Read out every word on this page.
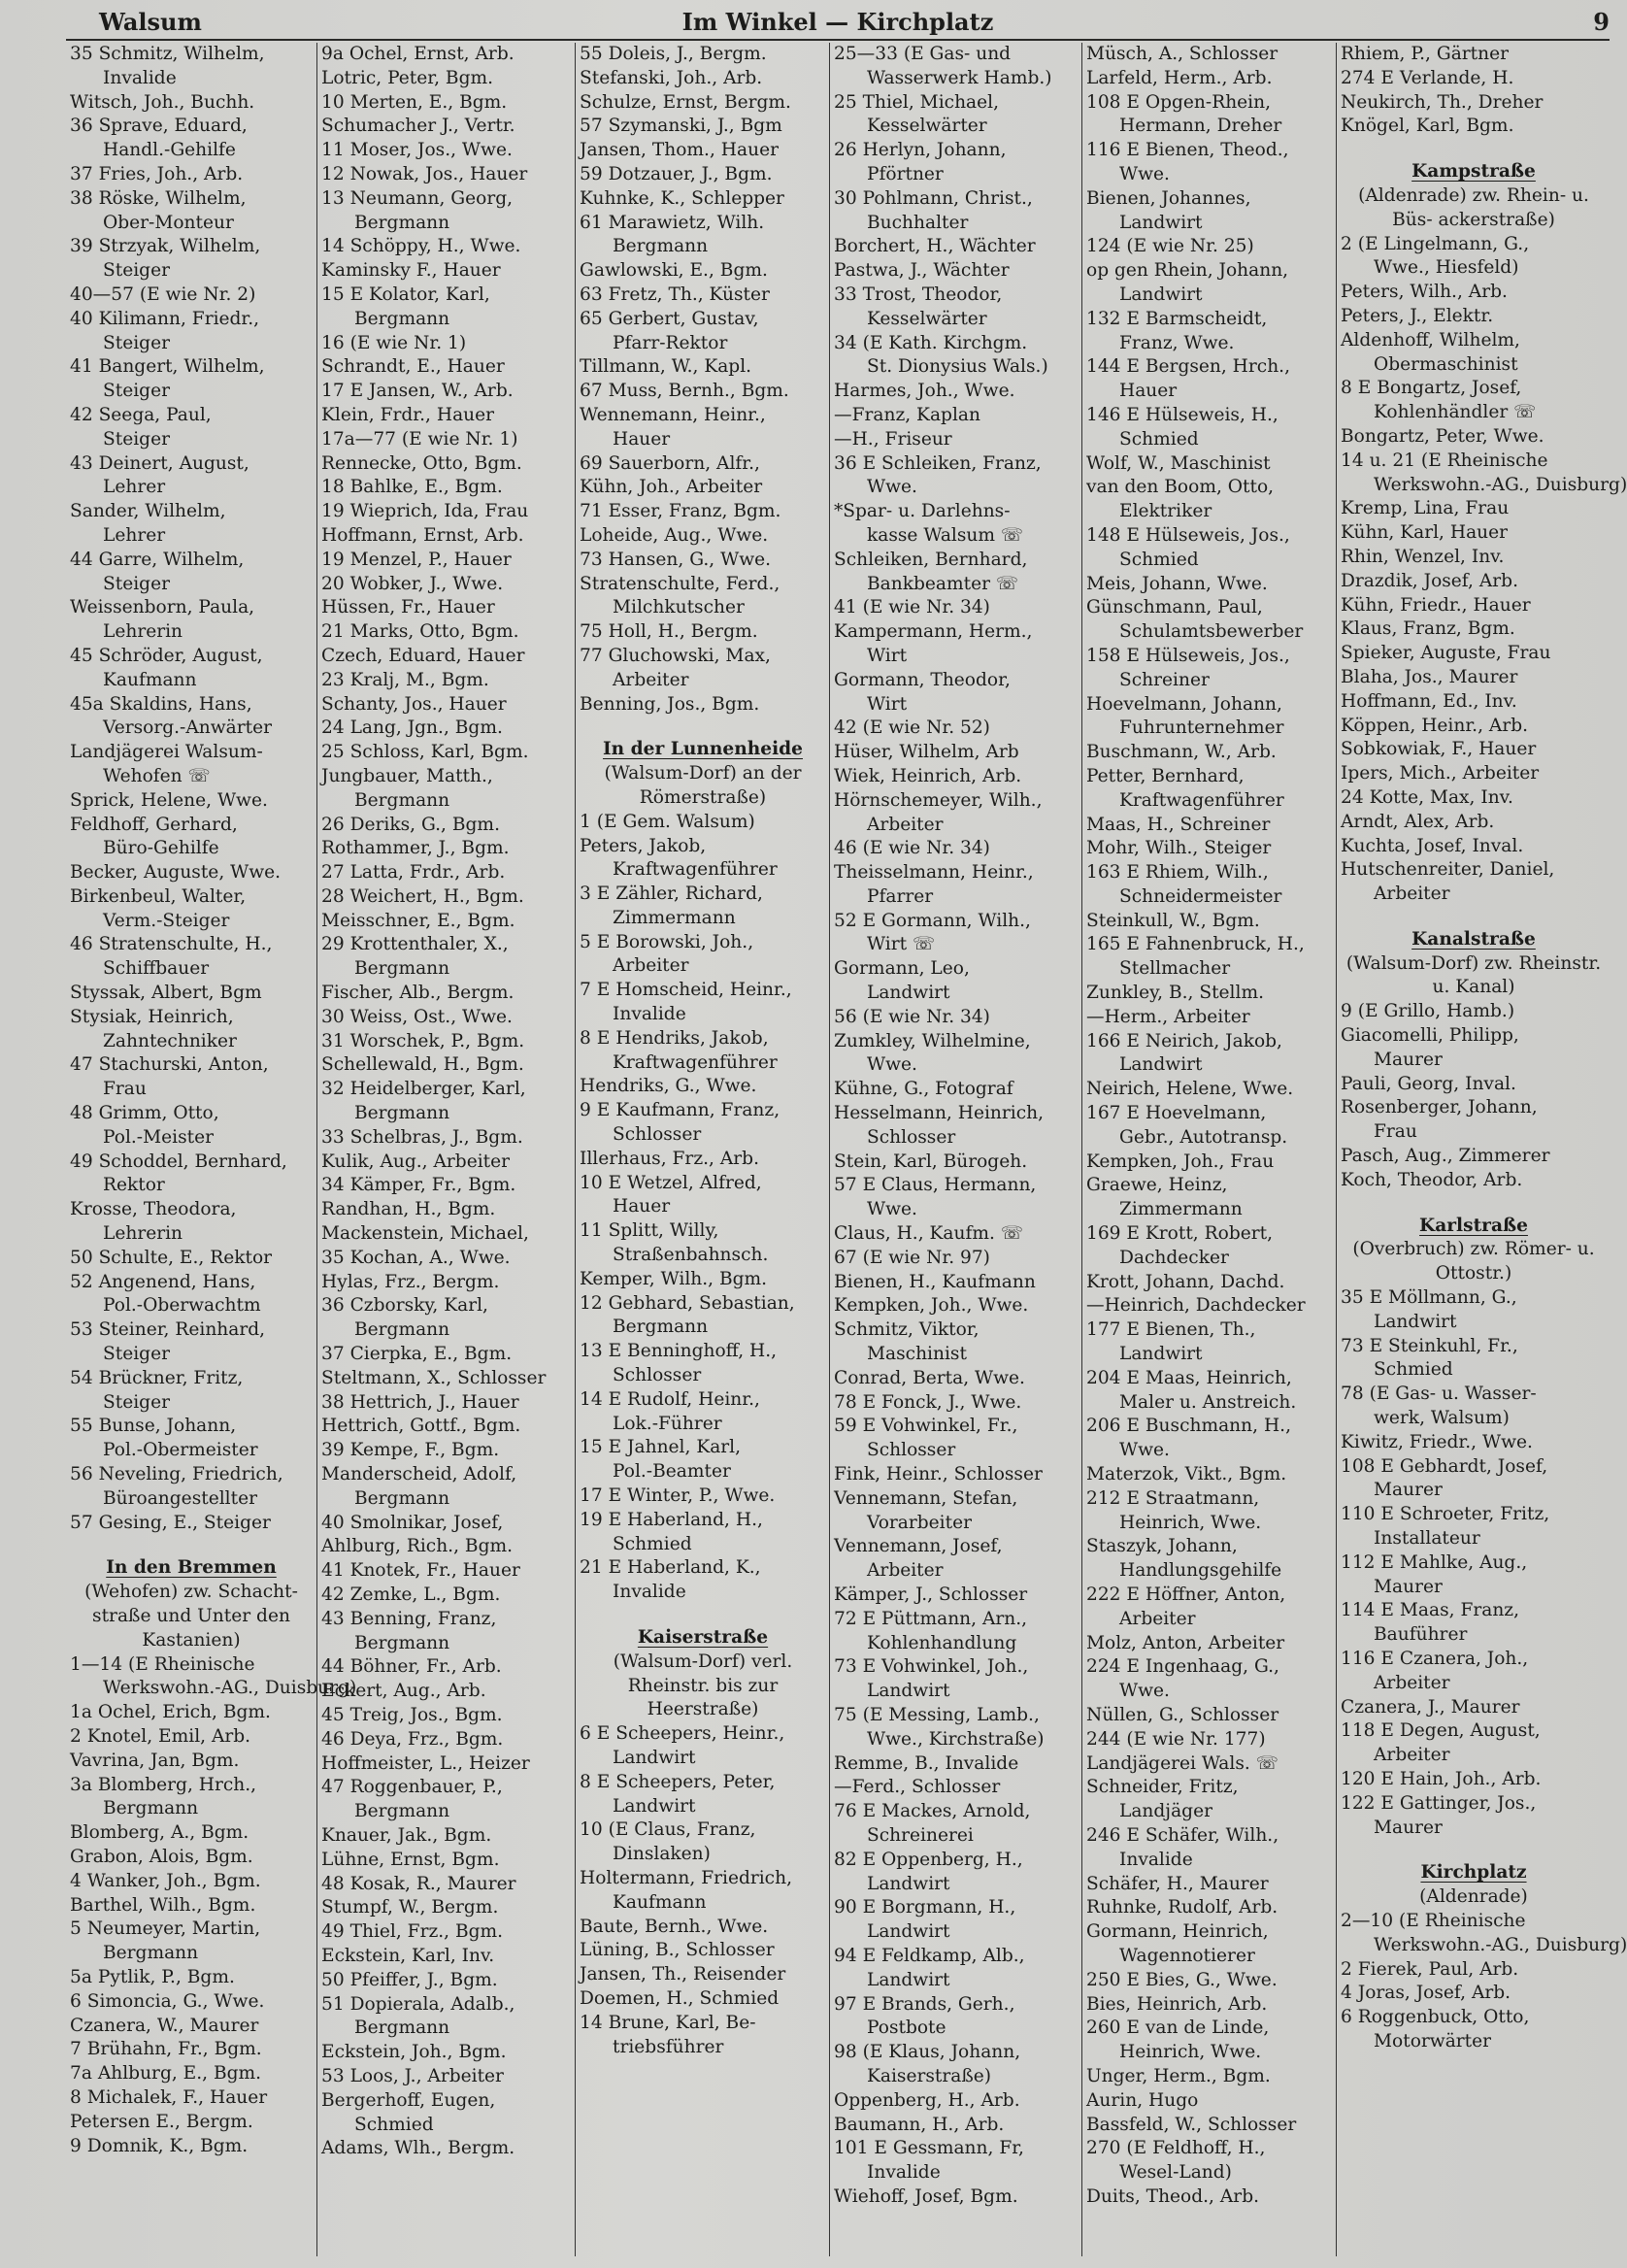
Walsum	Im Winkel — Kirchplatz	9
35 Schmitz, Wilhelm,
Invalide
Witsch, Joh., Buchh.
36 Sprave, Eduard,
Handl.-Gehilfe
37 Fries, Joh., Arb.
38 Röske, Wilhelm,
Ober-Monteur
39 Strzyak, Wilhelm,
Steiger
40—57 (E wie Nr. 2)
40 Kilimann, Friedr.,
Steiger
41 Bangert, Wilhelm,
Steiger
42 Seega, Paul,
Steiger
43 Deinert, August,
Lehrer
Sander, Wilhelm,
Lehrer
44 Garre, Wilhelm,
Steiger
Weissenborn, Paula,
Lehrerin
45 Schröder, August,
Kaufmann
45a Skaldins, Hans,
Versorg.-Anwärter
Landjägerei Walsum-
Wehofen ☏
Sprick, Helene, Wwe.
Feldhoff, Gerhard,
Büro-Gehilfe
Becker, Auguste, Wwe.
Birkenbeul, Walter,
Verm.-Steiger
46 Stratenschulte, H.,
Schiffbauer
Styssak, Albert, Bgm
Stysiak, Heinrich,
Zahntechniker
47 Stachurski, Anton,
Frau
48 Grimm, Otto,
Pol.-Meister
49 Schoddel, Bernhard,
Rektor
Krosse, Theodora,
Lehrerin
50 Schulte, E., Rektor
52 Angenend, Hans,
Pol.-Oberwachtm
53 Steiner, Reinhard,
Steiger
54 Brückner, Fritz,
Steiger
55 Bunse, Johann,
Pol.-Obermeister
56 Neveling, Friedrich,
Büroangestellter
57 Gesing, E., Steiger
In den Bremmen
(Wehofen) zw. Schacht- straße und Unter den Kastanien)
1—14 (E Rheinische
Werkswohn.-AG., Duisburg)
1a Ochel, Erich, Bgm.
2 Knotel, Emil, Arb.
Vavrina, Jan, Bgm.
3a Blomberg, Hrch.,
Bergmann
Blomberg, A., Bgm.
Grabon, Alois, Bgm.
4 Wanker, Joh., Bgm.
Barthel, Wilh., Bgm.
5 Neumeyer, Martin,
Bergmann
5a Pytlik, P., Bgm.
6 Simoncia, G., Wwe.
Czanera, W., Maurer
7 Brühahn, Fr., Bgm.
7a Ahlburg, E., Bgm.
8 Michalek, F., Hauer
Petersen E., Bergm.
9 Domnik, K., Bgm.
9a Ochel, Ernst, Arb.
Lotric, Peter, Bgm.
10 Merten, E., Bgm.
Schumacher J., Vertr.
11 Moser, Jos., Wwe.
12 Nowak, Jos., Hauer
13 Neumann, Georg,
Bergmann
14 Schöppy, H., Wwe.
Kaminsky F., Hauer
15 E Kolator, Karl,
Bergmann
16 (E wie Nr. 1)
Schrandt, E., Hauer
17 E Jansen, W., Arb.
Klein, Frdr., Hauer
17a—77 (E wie Nr. 1)
Rennecke, Otto, Bgm.
18 Bahlke, E., Bgm.
19 Wieprich, Ida, Frau
Hoffmann, Ernst, Arb.
19 Menzel, P., Hauer
20 Wobker, J., Wwe.
Hüssen, Fr., Hauer
21 Marks, Otto, Bgm.
Czech, Eduard, Hauer
23 Kralj, M., Bgm.
Schanty, Jos., Hauer
24 Lang, Jgn., Bgm.
25 Schloss, Karl, Bgm.
Jungbauer, Matth.,
Bergmann
26 Deriks, G., Bgm.
Rothammer, J., Bgm.
27 Latta, Frdr., Arb.
28 Weichert, H., Bgm.
Meisschner, E., Bgm.
29 Krottenthaler, X.,
Bergmann
Fischer, Alb., Bergm.
30 Weiss, Ost., Wwe.
31 Worschek, P., Bgm.
Schellewald, H., Bgm.
32 Heidelberger, Karl,
Bergmann
33 Schelbras, J., Bgm.
Kulik, Aug., Arbeiter
34 Kämper, Fr., Bgm.
Randhan, H., Bgm.
Mackenstein, Michael,
35 Kochan, A., Wwe.
Hylas, Frz., Bergm.
36 Czborsky, Karl,
Bergmann
37 Cierpka, E., Bgm.
Steltmann, X., Schlosser
38 Hettrich, J., Hauer
Hettrich, Gottf., Bgm.
39 Kempe, F., Bgm.
Manderscheid, Adolf,
Bergmann
40 Smolnikar, Josef,
Ahlburg, Rich., Bgm.
41 Knotek, Fr., Hauer
42 Zemke, L., Bgm.
43 Benning, Franz,
Bergmann
44 Böhner, Fr., Arb.
Eckert, Aug., Arb.
45 Treig, Jos., Bgm.
46 Deya, Frz., Bgm.
Hoffmeister, L., Heizer
47 Roggenbauer, P.,
Bergmann
Knauer, Jak., Bgm.
Lühne, Ernst, Bgm.
48 Kosak, R., Maurer
Stumpf, W., Bergm.
49 Thiel, Frz., Bgm.
Eckstein, Karl, Inv.
50 Pfeiffer, J., Bgm.
51 Dopierala, Adalb.,
Bergmann
Eckstein, Joh., Bgm.
53 Loos, J., Arbeiter
Bergerhoff, Eugen,
Schmied
Adams, Wlh., Bergm.
55 Doleis, J., Bergm.
Stefanski, Joh., Arb.
Schulze, Ernst, Bergm.
57 Szymanski, J., Bgm
Jansen, Thom., Hauer
59 Dotzauer, J., Bgm.
Kuhnke, K., Schlepper
61 Marawietz, Wilh.
Bergmann
Gawlowski, E., Bgm.
63 Fretz, Th., Küster
65 Gerbert, Gustav,
Pfarr-Rektor
Tillmann, W., Kapl.
67 Muss, Bernh., Bgm.
Wennemann, Heinr.,
Hauer
69 Sauerborn, Alfr.,
Kühn, Joh., Arbeiter
71 Esser, Franz, Bgm.
Loheide, Aug., Wwe.
73 Hansen, G., Wwe.
Stratenschulte, Ferd.,
Milchkutscher
75 Holl, H., Bergm.
77 Gluchowski, Max,
Arbeiter
Benning, Jos., Bgm.
In der Lunnenheide
(Walsum-Dorf) an der Römerstraße)
1 (E Gem. Walsum)
Peters, Jakob,
Kraftwagenführer
3 E Zähler, Richard,
Zimmermann
5 E Borowski, Joh.,
Arbeiter
7 E Homscheid, Heinr.,
Invalide
8 E Hendriks, Jakob,
Kraftwagenführer
Hendriks, G., Wwe.
9 E Kaufmann, Franz,
Schlosser
Illerhaus, Frz., Arb.
10 E Wetzel, Alfred,
Hauer
11 Splitt, Willy,
Straßenbahnsch.
Kemper, Wilh., Bgm.
12 Gebhard, Sebastian,
Bergmann
13 E Benninghoff, H.,
Schlosser
14 E Rudolf, Heinr.,
Lok.-Führer
15 E Jahnel, Karl,
Pol.-Beamter
17 E Winter, P., Wwe.
19 E Haberland, H.,
Schmied
21 E Haberland, K.,
Invalide
Kaiserstraße
(Walsum-Dorf) verl. Rheinstr. bis zur Heerstraße)
6 E Scheepers, Heinr.,
Landwirt
8 E Scheepers, Peter,
Landwirt
10 (E Claus, Franz,
Dinslaken)
Holtermann, Friedrich,
Kaufmann
Baute, Bernh., Wwe.
Lüning, B., Schlosser
Jansen, Th., Reisender
Doemen, H., Schmied
14 Brune, Karl, Be-
triebsführer
25—33 (E Gas- und
Wasserwerk Hamb.)
25 Thiel, Michael,
Kesselwärter
26 Herlyn, Johann,
Pförtner
30 Pohlmann, Christ.,
Buchhalter
Borchert, H., Wächter
Pastwa, J., Wächter
33 Trost, Theodor,
Kesselwärter
34 (E Kath. Kirchgm.
St. Dionysius Wals.)
Harmes, Joh., Wwe.
—Franz, Kaplan
—H., Friseur
36 E Schleiken, Franz,
Wwe.
*Spar- u. Darlehns-
kasse Walsum ☏
Schleiken, Bernhard,
Bankbeamter ☏
41 (E wie Nr. 34)
Kampermann, Herm.,
Wirt
Gormann, Theodor,
Wirt
42 (E wie Nr. 52)
Hüser, Wilhelm, Arb
Wiek, Heinrich, Arb.
Hörnschemeyer, Wilh.,
Arbeiter
46 (E wie Nr. 34)
Theisselmann, Heinr.,
Pfarrer
52 E Gormann, Wilh.,
Wirt ☏
Gormann, Leo,
Landwirt
56 (E wie Nr. 34)
Zumkley, Wilhelmine,
Wwe.
Kühne, G., Fotograf
Hesselmann, Heinrich,
Schlosser
Stein, Karl, Bürogeh.
57 E Claus, Hermann,
Wwe.
Claus, H., Kaufm. ☏
67 (E wie Nr. 97)
Bienen, H., Kaufmann
Kempken, Joh., Wwe.
Schmitz, Viktor,
Maschinist
Conrad, Berta, Wwe.
78 E Fonck, J., Wwe.
59 E Vohwinkel, Fr.,
Schlosser
Fink, Heinr., Schlosser
Vennemann, Stefan,
Vorarbeiter
Vennemann, Josef,
Arbeiter
Kämper, J., Schlosser
72 E Püttmann, Arn.,
Kohlenhandlung
73 E Vohwinkel, Joh.,
Landwirt
75 (E Messing, Lamb.,
Wwe., Kirchstraße)
Remme, B., Invalide
—Ferd., Schlosser
76 E Mackes, Arnold,
Schreinerei
82 E Oppenberg, H.,
Landwirt
90 E Borgmann, H.,
Landwirt
94 E Feldkamp, Alb.,
Landwirt
97 E Brands, Gerh.,
Postbote
98 (E Klaus, Johann,
Kaiserstraße)
Oppenberg, H., Arb.
Baumann, H., Arb.
101 E Gessmann, Fr,
Invalide
Wiehoff, Josef, Bgm.
Müsch, A., Schlosser
Larfeld, Herm., Arb.
108 E Opgen-Rhein,
Hermann, Dreher
116 E Bienen, Theod.,
Wwe.
Bienen, Johannes,
Landwirt
124 (E wie Nr. 25)
op gen Rhein, Johann,
Landwirt
132 E Barmscheidt,
Franz, Wwe.
144 E Bergsen, Hrch.,
Hauer
146 E Hülseweis, H.,
Schmied
Wolf, W., Maschinist
van den Boom, Otto,
Elektriker
148 E Hülseweis, Jos.,
Schmied
Meis, Johann, Wwe.
Günschmann, Paul,
Schulamtsbewerber
158 E Hülseweis, Jos.,
Schreiner
Hoevelmann, Johann,
Fuhrunternehmer
Buschmann, W., Arb.
Petter, Bernhard,
Kraftwagenführer
Maas, H., Schreiner
Mohr, Wilh., Steiger
163 E Rhiem, Wilh.,
Schneidermeister
Steinkull, W., Bgm.
165 E Fahnenbruck, H.,
Stellmacher
Zunkley, B., Stellm.
—Herm., Arbeiter
166 E Neirich, Jakob,
Landwirt
Neirich, Helene, Wwe.
167 E Hoevelmann,
Gebr., Autotransp.
Kempken, Joh., Frau
Graewe, Heinz,
Zimmermann
169 E Krott, Robert,
Dachdecker
Krott, Johann, Dachd.
—Heinrich, Dachdecker
177 E Bienen, Th.,
Landwirt
204 E Maas, Heinrich,
Maler u. Anstreich.
206 E Buschmann, H.,
Wwe.
Materzok, Vikt., Bgm.
212 E Straatmann,
Heinrich, Wwe.
Staszyk, Johann,
Handlungsgehilfe
222 E Höffner, Anton,
Arbeiter
Molz, Anton, Arbeiter
224 E Ingenhaag, G.,
Wwe.
Nüllen, G., Schlosser
244 (E wie Nr. 177)
Landjägerei Wals. ☏
Schneider, Fritz,
Landjäger
246 E Schäfer, Wilh.,
Invalide
Schäfer, H., Maurer
Ruhnke, Rudolf, Arb.
Gormann, Heinrich,
Wagennotierer
250 E Bies, G., Wwe.
Bies, Heinrich, Arb.
260 E van de Linde,
Heinrich, Wwe.
Unger, Herm., Bgm.
Aurin, Hugo
Bassfeld, W., Schlosser
270 (E Feldhoff, H.,
Wesel-Land)
Duits, Theod., Arb.
Rhiem, P., Gärtner
274 E Verlande, H.
Neukirch, Th., Dreher
Knögel, Karl, Bgm.
Kampstraße
(Aldenrade) zw. Rhein- u. Büs- ackerstraße)
2 (E Lingelmann, G.,
Wwe., Hiesfeld)
Peters, Wilh., Arb.
Peters, J., Elektr.
Aldenhoff, Wilhelm,
Obermaschinist
8 E Bongartz, Josef,
Kohlenhändler ☏
Bongartz, Peter, Wwe.
14 u. 21 (E Rheinische
Werkswohn.-AG., Duisburg)
Kremp, Lina, Frau
Kühn, Karl, Hauer
Rhin, Wenzel, Inv.
Drazdik, Josef, Arb.
Kühn, Friedr., Hauer
Klaus, Franz, Bgm.
Spieker, Auguste, Frau
Blaha, Jos., Maurer
Hoffmann, Ed., Inv.
Köppen, Heinr., Arb.
Sobkowiak, F., Hauer
Ipers, Mich., Arbeiter
24 Kotte, Max, Inv.
Arndt, Alex, Arb.
Kuchta, Josef, Inval.
Hutschenreiter, Daniel,
Arbeiter
Kanalstraße
(Walsum-Dorf) zw. Rheinstr. u. Kanal)
9 (E Grillo, Hamb.)
Giacomelli, Philipp,
Maurer
Pauli, Georg, Inval.
Rosenberger, Johann,
Frau
Pasch, Aug., Zimmerer
Koch, Theodor, Arb.
Karlstraße
(Overbruch) zw. Römer- u. Ottostr.)
35 E Möllmann, G.,
Landwirt
73 E Steinkuhl, Fr.,
Schmied
78 (E Gas- u. Wasser-
werk, Walsum)
Kiwitz, Friedr., Wwe.
108 E Gebhardt, Josef,
Maurer
110 E Schroeter, Fritz,
Installateur
112 E Mahlke, Aug.,
Maurer
114 E Maas, Franz,
Bauführer
116 E Czanera, Joh.,
Arbeiter
Czanera, J., Maurer
118 E Degen, August,
Arbeiter
120 E Hain, Joh., Arb.
122 E Gattinger, Jos.,
Maurer
Kirchplatz
(Aldenrade)
2—10 (E Rheinische
Werkswohn.-AG., Duisburg)
2 Fierek, Paul, Arb.
4 Joras, Josef, Arb.
6 Roggenbuck, Otto,
Motorwärter
